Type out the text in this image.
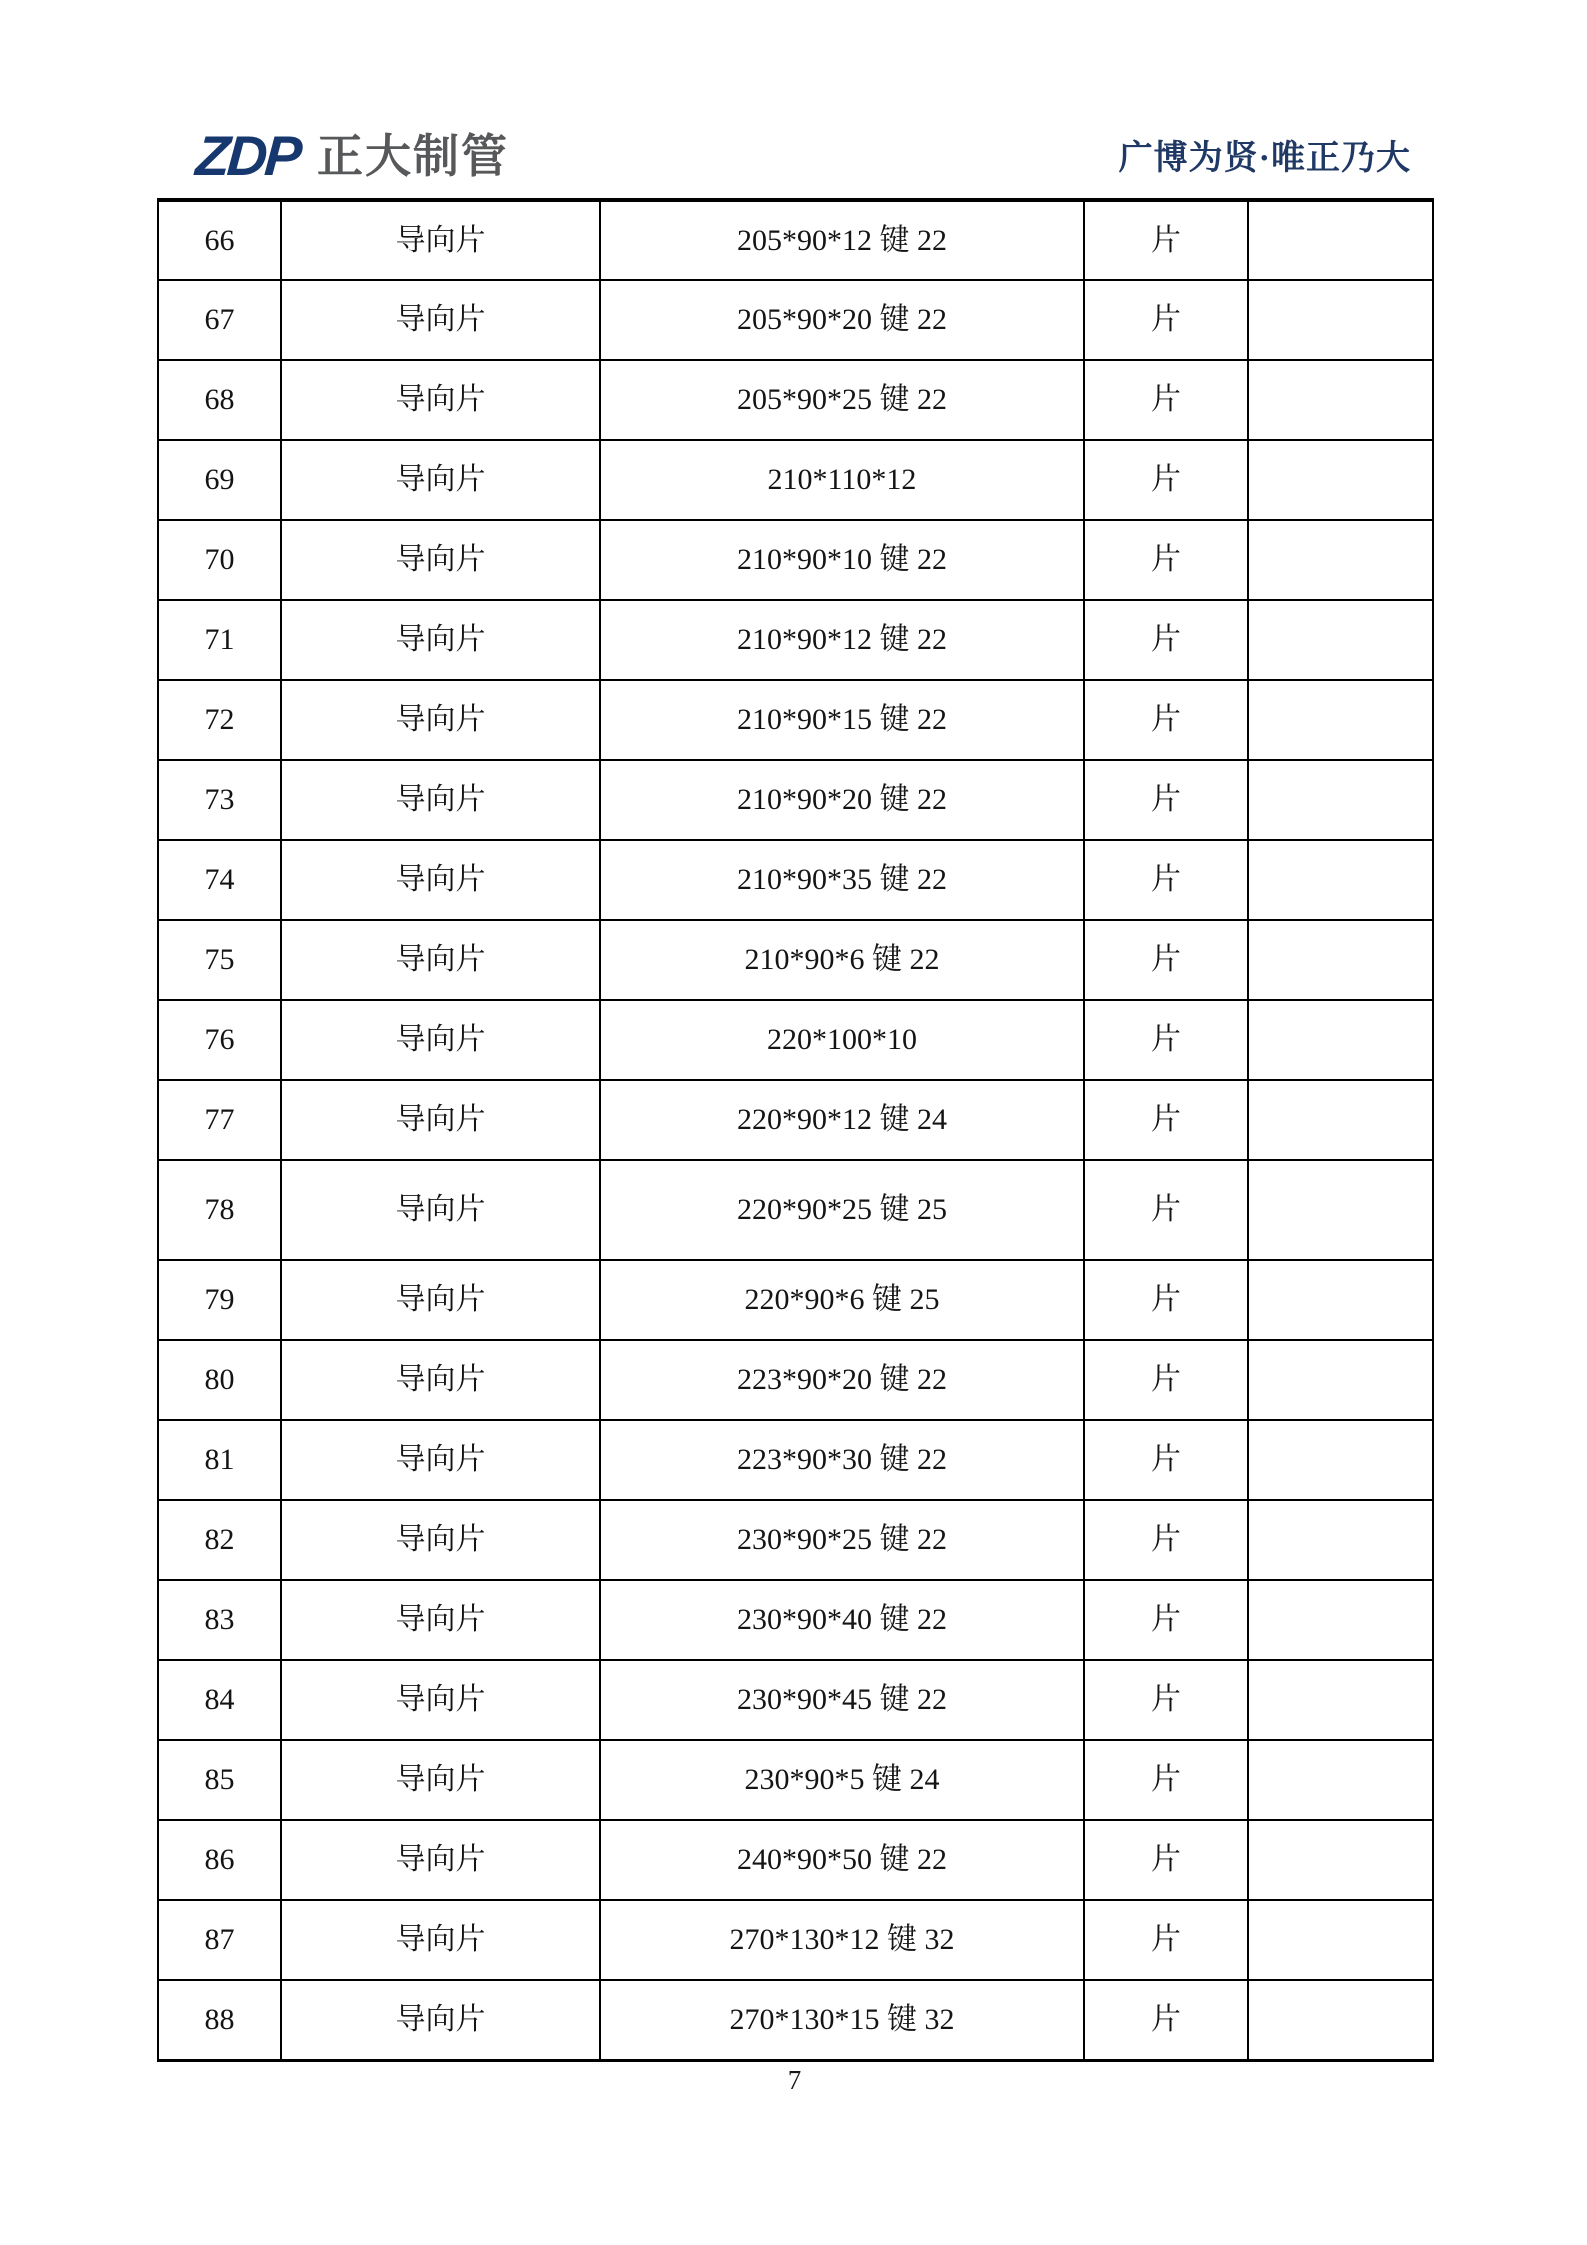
ZDP 正大制管	广博为贤·唯正乃大
66	导向片	205*90*12 键 22	片	
67	导向片	205*90*20 键 22	片	
68	导向片	205*90*25 键 22	片	
69	导向片	210*110*12	片	
70	导向片	210*90*10 键 22	片	
71	导向片	210*90*12 键 22	片	
72	导向片	210*90*15 键 22	片	
73	导向片	210*90*20 键 22	片	
74	导向片	210*90*35 键 22	片	
75	导向片	210*90*6 键 22	片	
76	导向片	220*100*10	片	
77	导向片	220*90*12 键 24	片	
78	导向片	220*90*25 键 25	片	
79	导向片	220*90*6 键 25	片	
80	导向片	223*90*20 键 22	片	
81	导向片	223*90*30 键 22	片	
82	导向片	230*90*25 键 22	片	
83	导向片	230*90*40 键 22	片	
84	导向片	230*90*45 键 22	片	
85	导向片	230*90*5 键 24	片	
86	导向片	240*90*50 键 22	片	
87	导向片	270*130*12 键 32	片	
88	导向片	270*130*15 键 32	片	
7
